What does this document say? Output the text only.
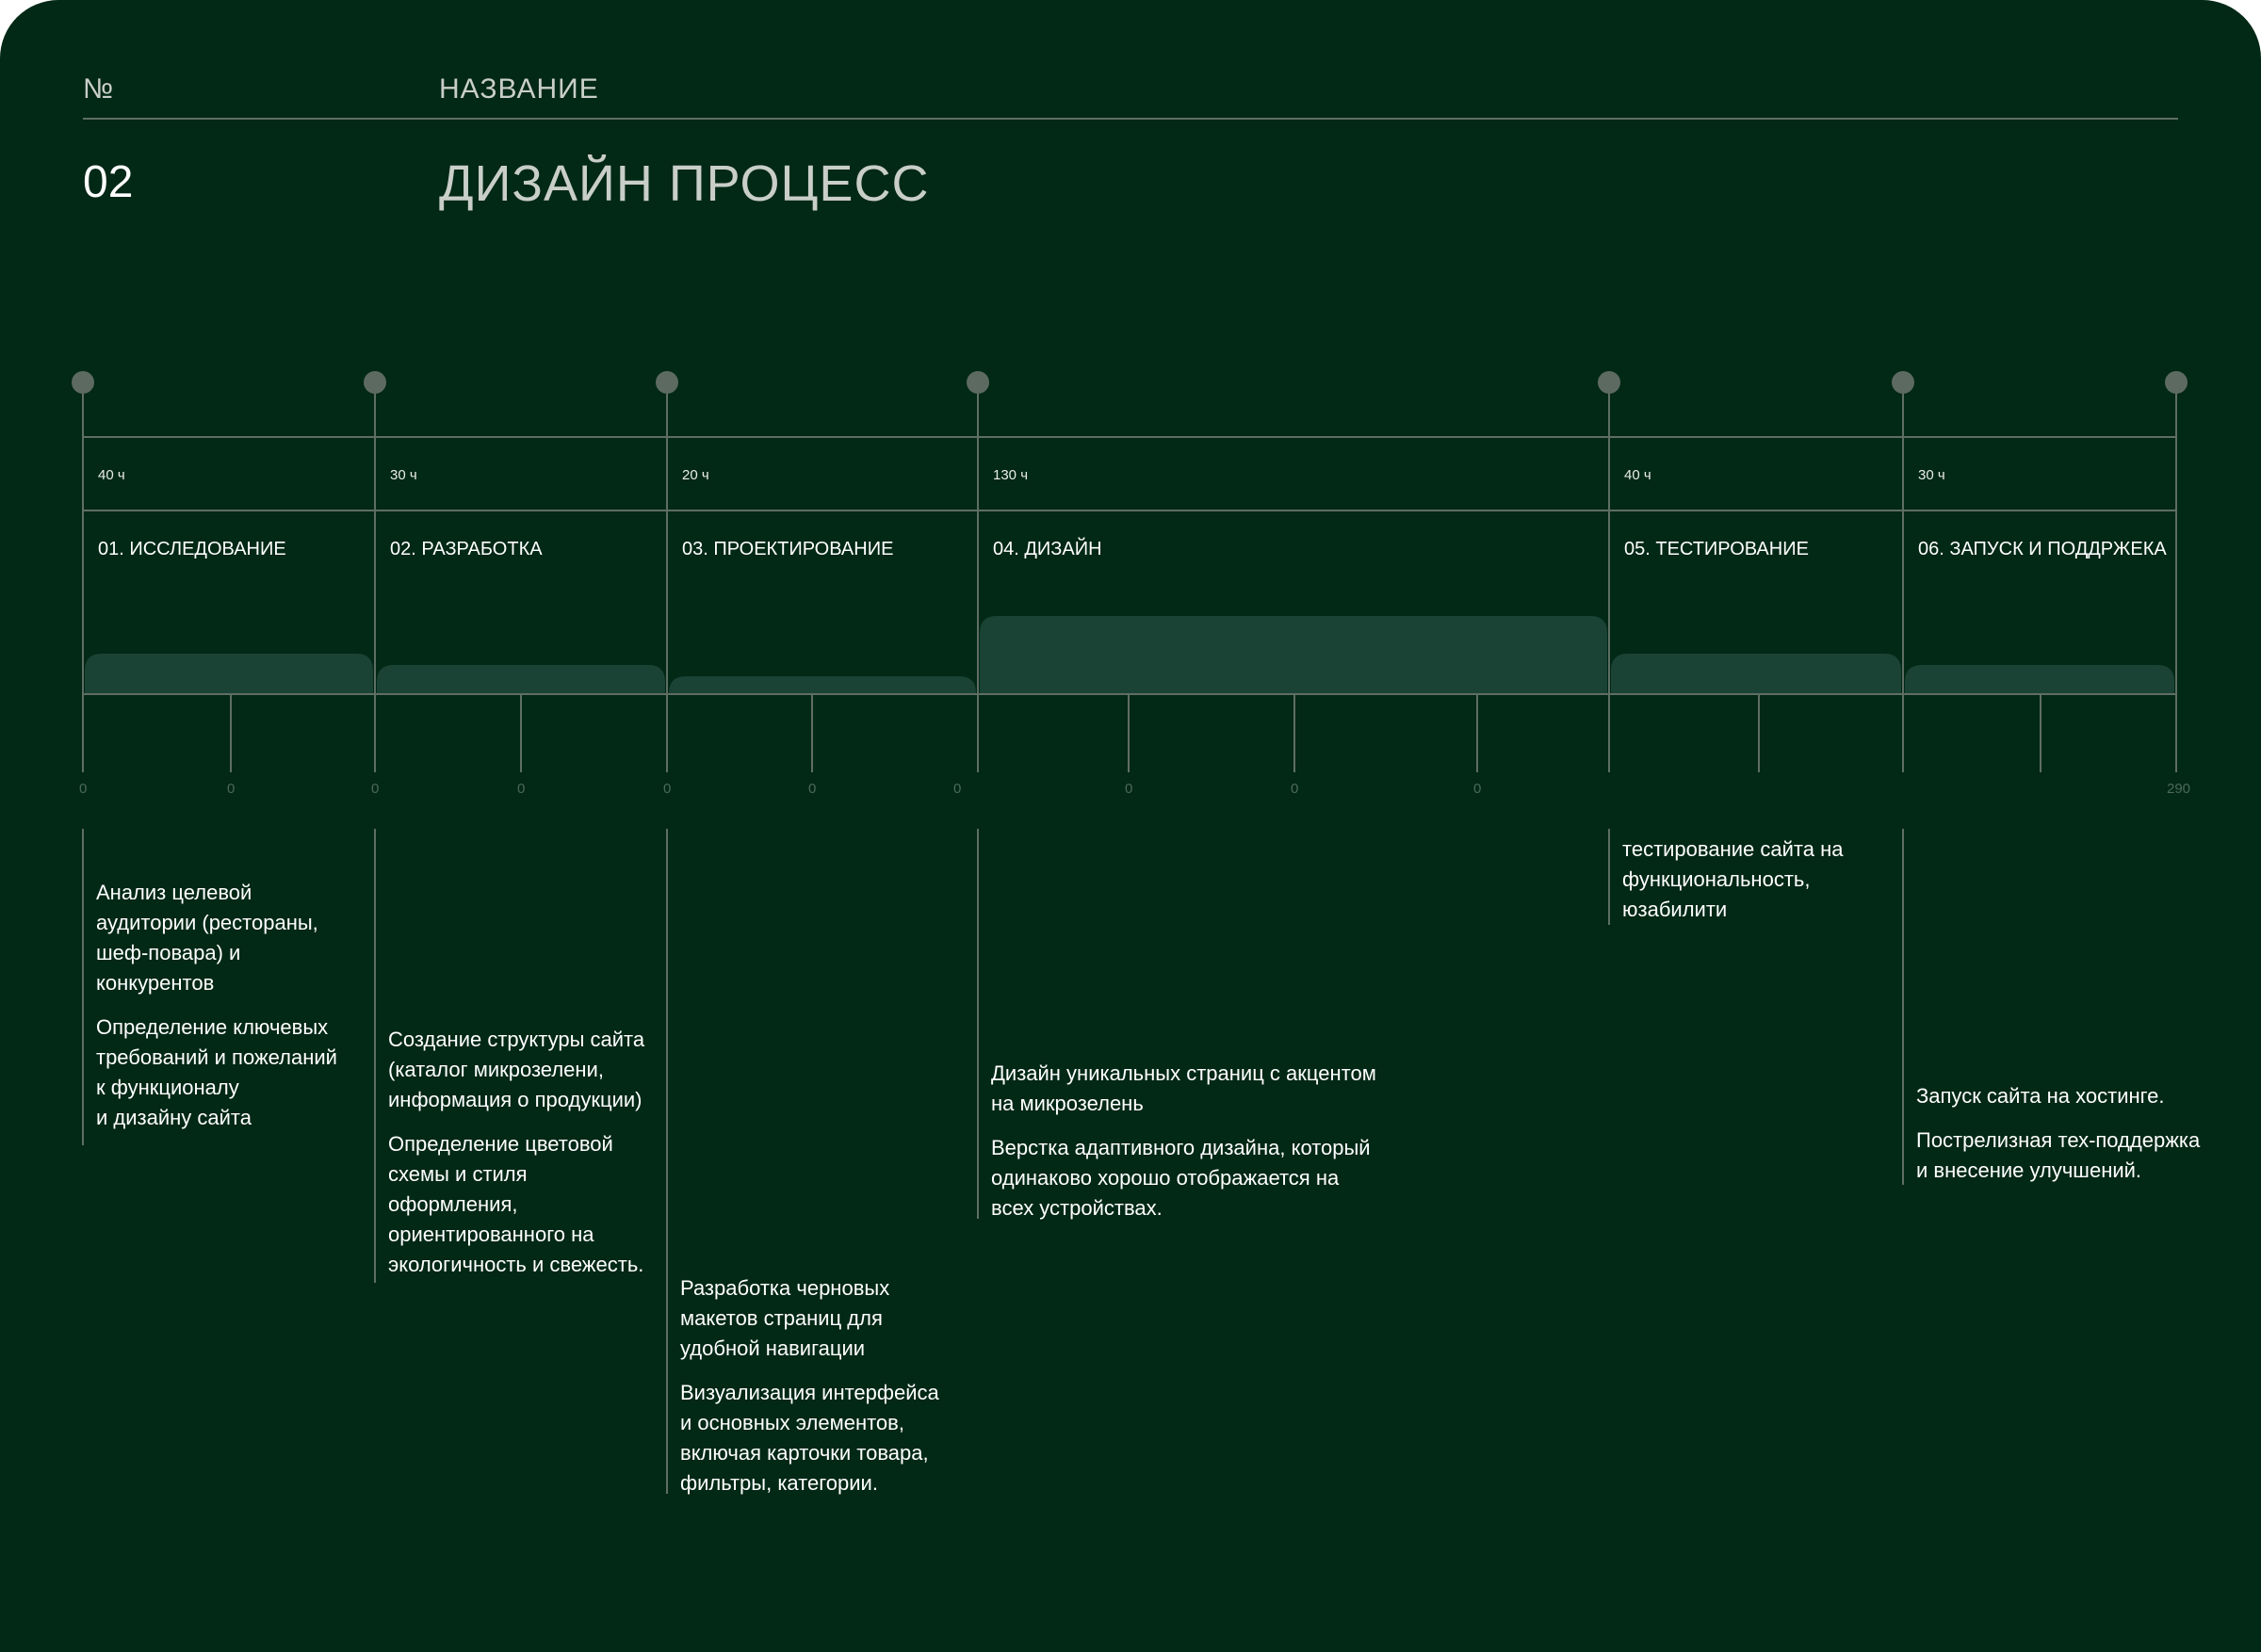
№	НАЗВАНИЕ
02	ДИЗАЙН ПРОЦЕСС
40 ч
01. ИССЛЕДОВАНИЕ

Анализ целевой
аудитории (рестораны,
шеф-повара) и
конкурентов

Определение ключевых
требований и пожеланий
к функционалу
и дизайну сайта

30 ч
02. РАЗРАБОТКА

Создание структуры сайта
(каталог микрозелени,
информация о продукции)

Определение цветовой
схемы и стиля
оформления,
ориентированного на
экологичность и свежесть.

20 ч
03. ПРОЕКТИРОВАНИЕ

Разработка черновых
макетов страниц для
удобной навигации

Визуализация интерфейса
и основных элементов,
включая карточки товара,
фильтры, категории.

130 ч
04. ДИЗАЙН

Дизайн уникальных страниц с акцентом
на микрозелень

Верстка адаптивного дизайна, который
одинаково хорошо отображается на
всех устройствах.

40 ч
05. ТЕСТИРОВАНИЕ

тестирование сайта на
функциональность,
юзабилити

30 ч
06. ЗАПУСК И ПОДДРЖЕКА

Запуск сайта на хостинге.

Пострелизная тех-поддержка
и внесение улучшений.

0	0	0	0	0	0	0	0	0	0	290
